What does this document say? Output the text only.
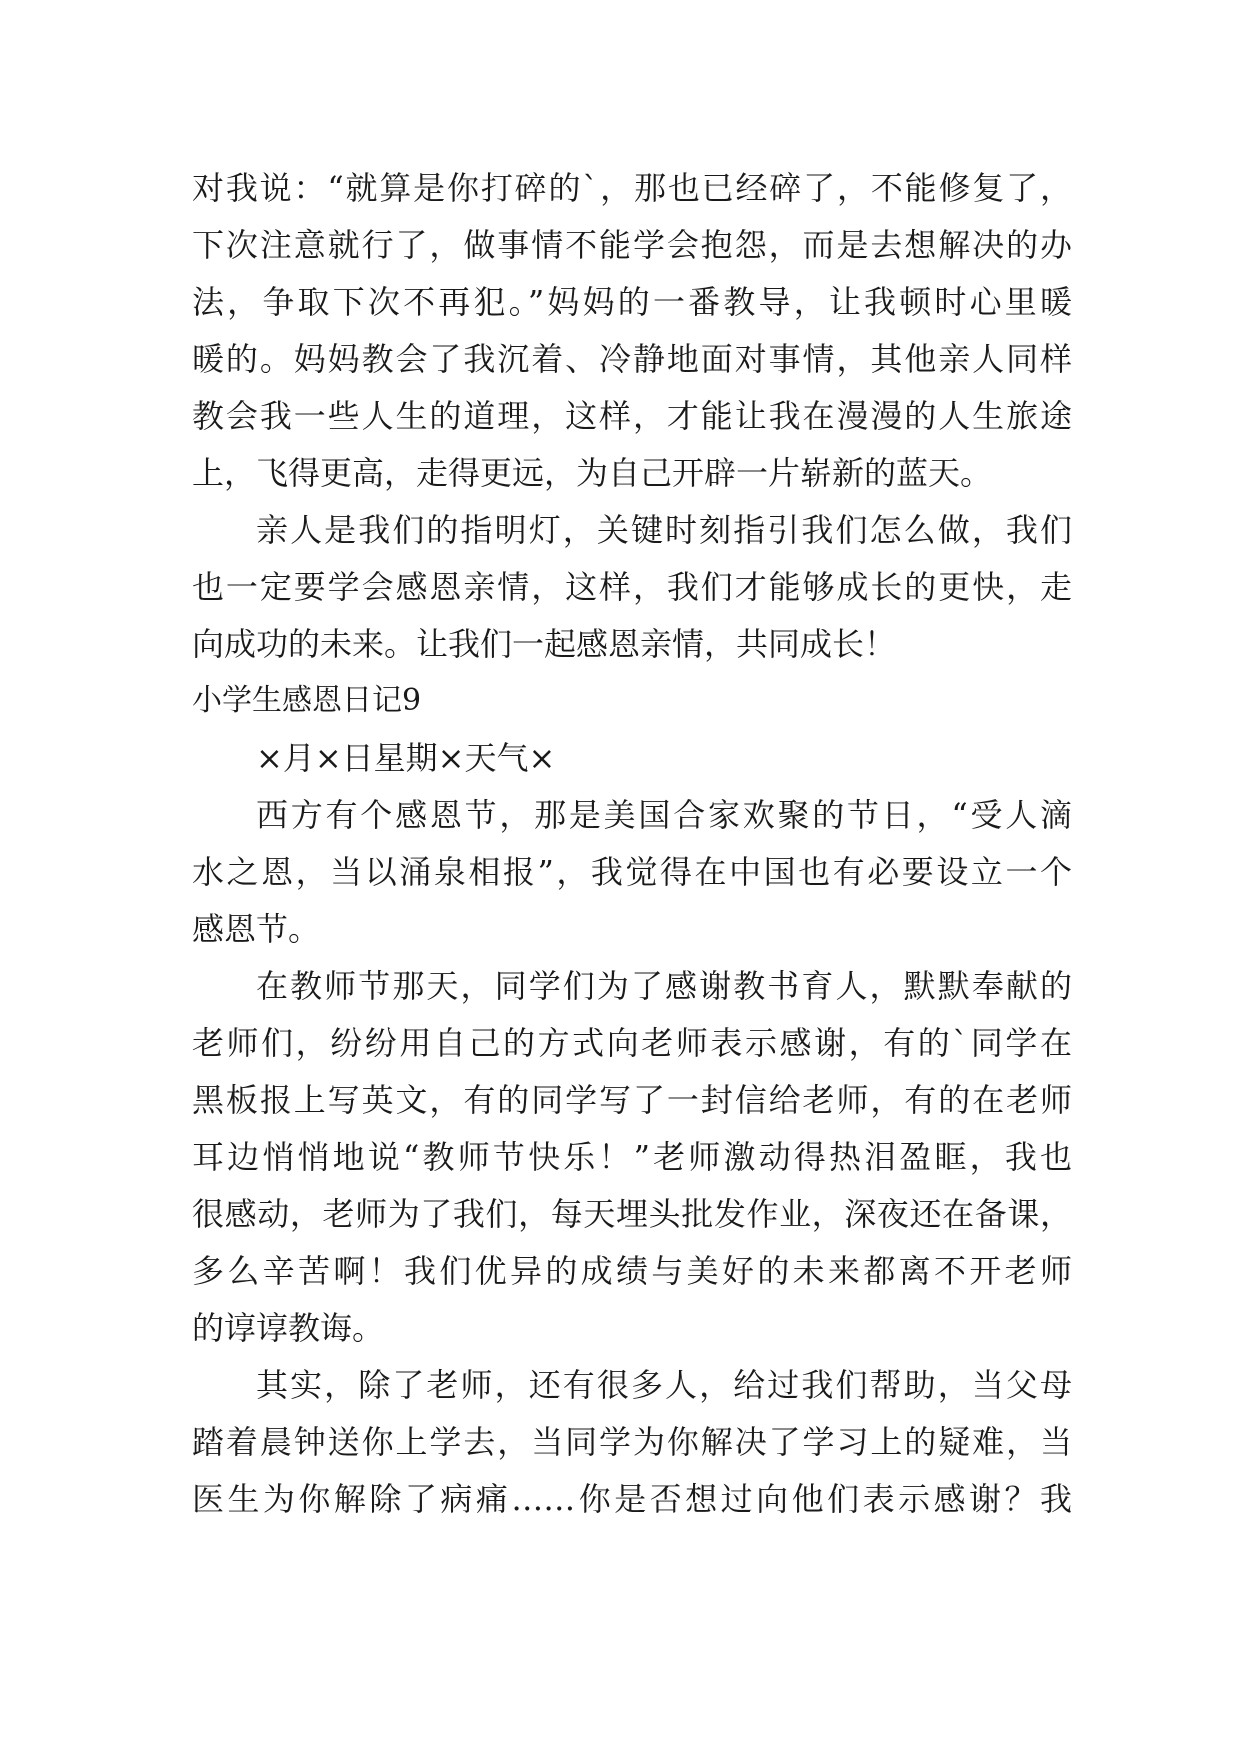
对我说：“就算是你打碎的`，那也已经碎了，不能修复了，
下次注意就行了，做事情不能学会抱怨，而是去想解决的办
法，争取下次不再犯。”妈妈的一番教导，让我顿时心里暖
暖的。妈妈教会了我沉着、冷静地面对事情，其他亲人同样
教会我一些人生的道理，这样，才能让我在漫漫的人生旅途
上，飞得更高，走得更远，为自己开辟一片崭新的蓝天。
亲人是我们的指明灯，关键时刻指引我们怎么做，我们
也一定要学会感恩亲情，这样，我们才能够成长的更快，走
向成功的未来。让我们一起感恩亲情，共同成长！
小学生感恩日记9
×月×日星期×天气×
西方有个感恩节，那是美国合家欢聚的节日，“受人滴
水之恩，当以涌泉相报”，我觉得在中国也有必要设立一个
感恩节。
在教师节那天，同学们为了感谢教书育人，默默奉献的
老师们，纷纷用自己的方式向老师表示感谢，有的`同学在
黑板报上写英文，有的同学写了一封信给老师，有的在老师
耳边悄悄地说“教师节快乐！”老师激动得热泪盈眶，我也
很感动，老师为了我们，每天埋头批发作业，深夜还在备课，
多么辛苦啊！我们优异的成绩与美好的未来都离不开老师
的谆谆教诲。
其实，除了老师，还有很多人，给过我们帮助，当父母
踏着晨钟送你上学去，当同学为你解决了学习上的疑难，当
医生为你解除了病痛……你是否想过向他们表示感谢？我
